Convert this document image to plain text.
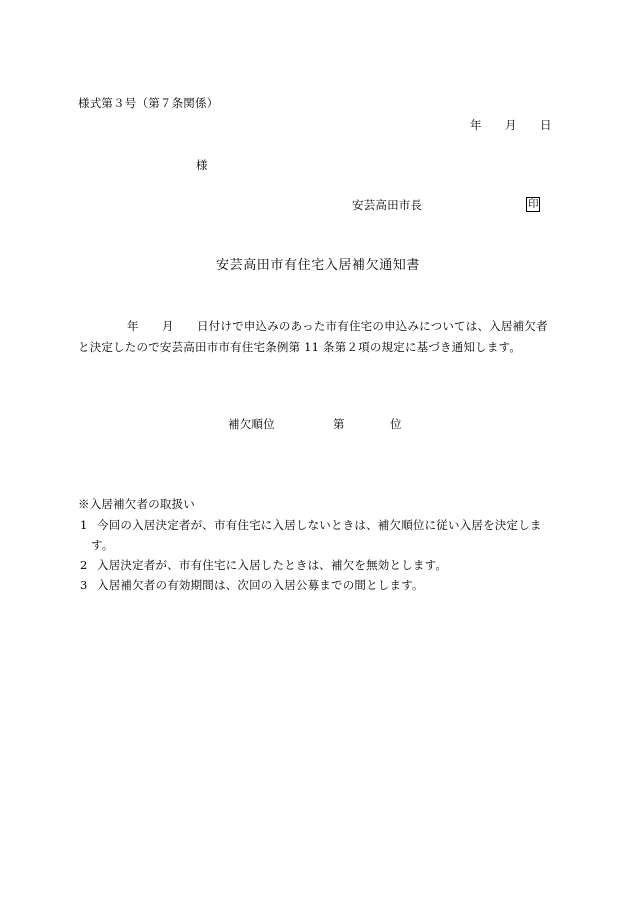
様式第３号（第７条関係）
年 月 日
様
安芸高田市長	印
安芸高田市有住宅入居補欠通知書
年 月 日付けで申込みのあった市有住宅の申込みについては、入居補欠者
と決定したので安芸高田市市有住宅条例第 11 条第２項の規定に基づき通知します。
補欠順位	第	位
※入居補欠者の取扱い
1 今回の入居決定者が、市有住宅に入居しないときは、補欠順位に従い入居を決定しま
す。
2 入居決定者が、市有住宅に入居したときは、補欠を無効とします。
3 入居補欠者の有効期間は、次回の入居公募までの間とします。
